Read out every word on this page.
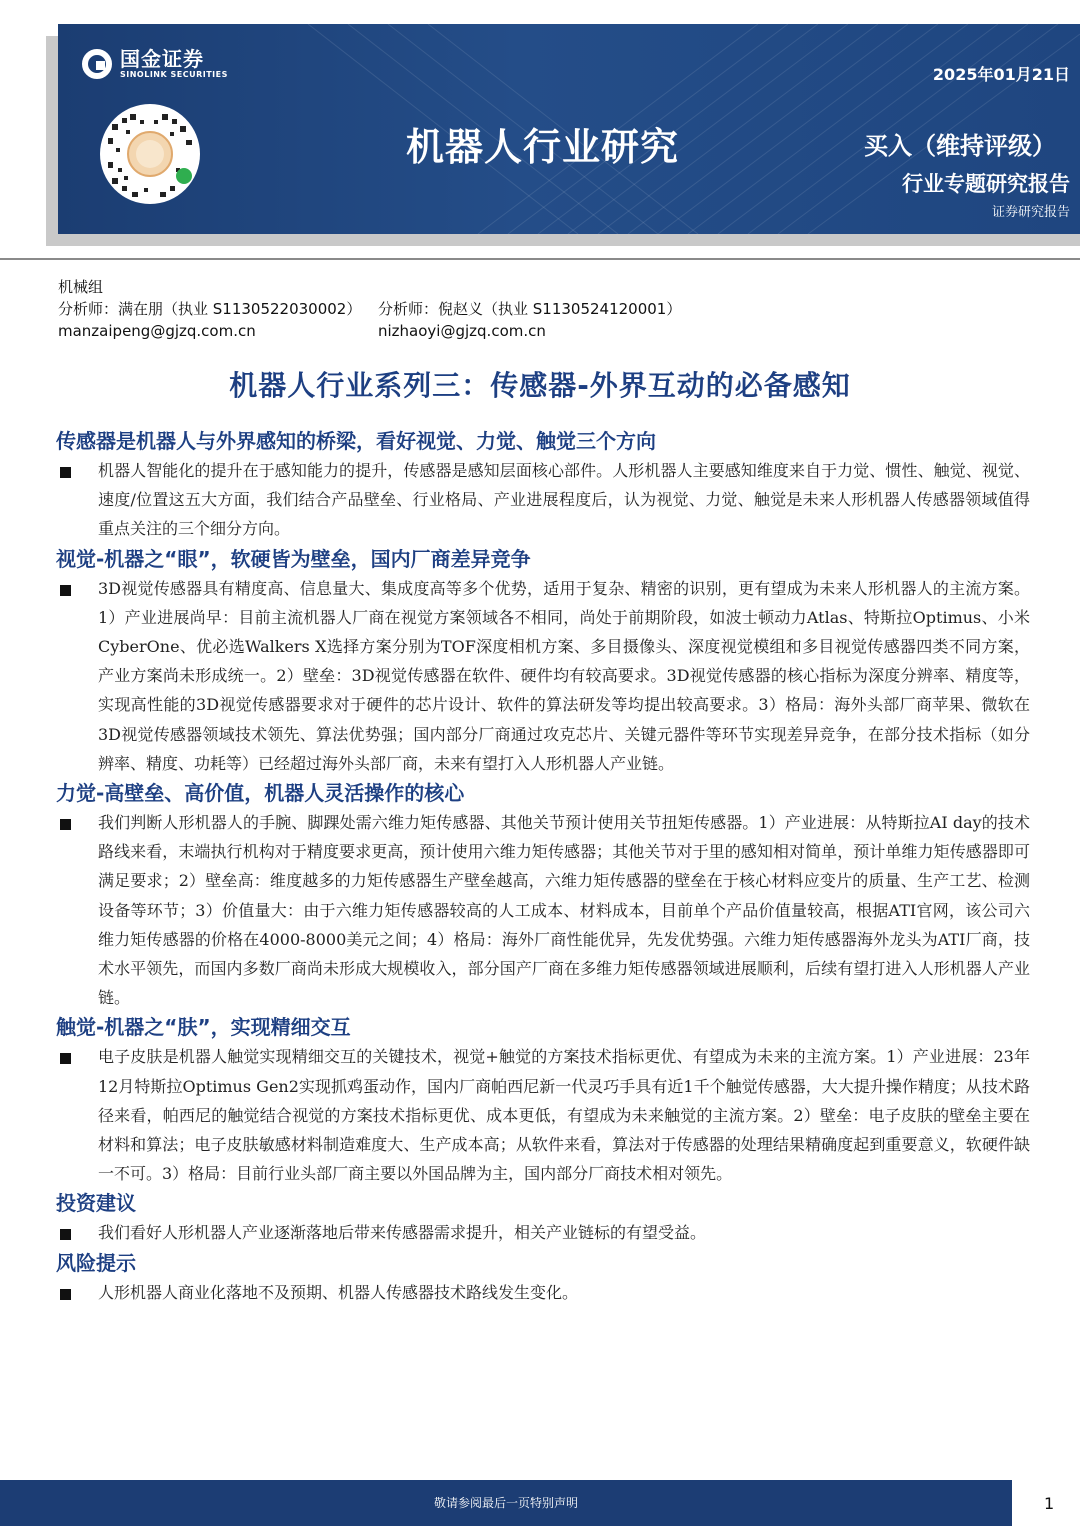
国金证券
SINOLINK SECURITIES
机器人行业研究
2025年01月21日
买入（维持评级）
行业专题研究报告
证券研究报告
机械组
分析师：满在朋（执业 S1130522030002） 分析师：倪赵义（执业 S1130524120001）
manzaipeng@gjzq.com.cn	nizhaoyi@gjzq.com.cn
机器人行业系列三：传感器-外界互动的必备感知
传感器是机器人与外界感知的桥梁，看好视觉、力觉、触觉三个方向
机器人智能化的提升在于感知能力的提升，传感器是感知层面核心部件。人形机器人主要感知维度来自于力觉、惯性、触觉、视觉、速度/位置这五大方面，我们结合产品壁垒、行业格局、产业进展程度后，认为视觉、力觉、触觉是未来人形机器人传感器领域值得重点关注的三个细分方向。
视觉-机器之“眼”，软硬皆为壁垒，国内厂商差异竞争
3D视觉传感器具有精度高、信息量大、集成度高等多个优势，适用于复杂、精密的识别，更有望成为未来人形机器人的主流方案。1）产业进展尚早：目前主流机器人厂商在视觉方案领域各不相同，尚处于前期阶段，如波士顿动力Atlas、特斯拉Optimus、小米CyberOne、优必选Walkers X选择方案分别为TOF深度相机方案、多目摄像头、深度视觉模组和多目视觉传感器四类不同方案，产业方案尚未形成统一。2）壁垒：3D视觉传感器在软件、硬件均有较高要求。3D视觉传感器的核心指标为深度分辨率、精度等，实现高性能的3D视觉传感器要求对于硬件的芯片设计、软件的算法研发等均提出较高要求。3）格局：海外头部厂商苹果、微软在3D视觉传感器领域技术领先、算法优势强；国内部分厂商通过攻克芯片、关键元器件等环节实现差异竞争，在部分技术指标（如分辨率、精度、功耗等）已经超过海外头部厂商，未来有望打入人形机器人产业链。
力觉-高壁垒、高价值，机器人灵活操作的核心
我们判断人形机器人的手腕、脚踝处需六维力矩传感器、其他关节预计使用关节扭矩传感器。1）产业进展：从特斯拉AI day的技术路线来看，末端执行机构对于精度要求更高，预计使用六维力矩传感器；其他关节对于里的感知相对简单，预计单维力矩传感器即可满足要求；2）壁垒高：维度越多的力矩传感器生产壁垒越高，六维力矩传感器的壁垒在于核心材料应变片的质量、生产工艺、检测设备等环节；3）价值量大：由于六维力矩传感器较高的人工成本、材料成本，目前单个产品价值量较高，根据ATI官网，该公司六维力矩传感器的价格在4000-8000美元之间；4）格局：海外厂商性能优异，先发优势强。六维力矩传感器海外龙头为ATI厂商，技术水平领先，而国内多数厂商尚未形成大规模收入，部分国产厂商在多维力矩传感器领域进展顺利，后续有望打进入人形机器人产业链。
触觉-机器之“肤”，实现精细交互
电子皮肤是机器人触觉实现精细交互的关键技术，视觉+触觉的方案技术指标更优、有望成为未来的主流方案。1）产业进展：23年12月特斯拉Optimus Gen2实现抓鸡蛋动作，国内厂商帕西尼新一代灵巧手具有近1千个触觉传感器，大大提升操作精度；从技术路径来看，帕西尼的触觉结合视觉的方案技术指标更优、成本更低，有望成为未来触觉的主流方案。2）壁垒：电子皮肤的壁垒主要在材料和算法；电子皮肤敏感材料制造难度大、生产成本高；从软件来看，算法对于传感器的处理结果精确度起到重要意义，软硬件缺一不可。3）格局：目前行业头部厂商主要以外国品牌为主，国内部分厂商技术相对领先。
投资建议
我们看好人形机器人产业逐渐落地后带来传感器需求提升，相关产业链标的有望受益。
风险提示
人形机器人商业化落地不及预期、机器人传感器技术路线发生变化。
敬请参阅最后一页特别声明	1
